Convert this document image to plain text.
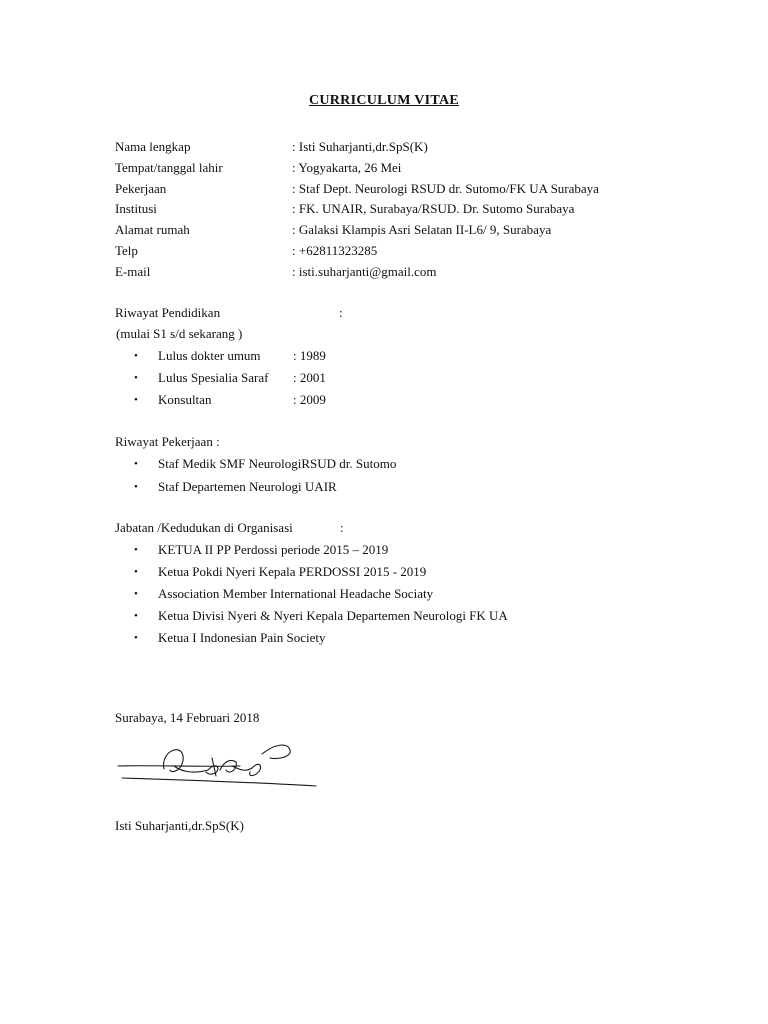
CURRICULUM VITAE
Nama lengkap	: Isti Suharjanti,dr.SpS(K)
Tempat/tanggal lahir	: Yogyakarta, 26 Mei
Pekerjaan	: Staf Dept. Neurologi RSUD dr. Sutomo/FK UA Surabaya
Institusi	: FK. UNAIR, Surabaya/RSUD. Dr. Sutomo Surabaya
Alamat rumah	: Galaksi Klampis Asri Selatan II-L6/ 9, Surabaya
Telp	: +62811323285
E-mail	: isti.suharjanti@gmail.com
Riwayat Pendidikan	:
(mulai S1 s/d sekarang )
• Lulus dokter umum : 1989
• Lulus Spesialia Saraf : 2001
• Konsultan	: 2009
Riwayat Pekerjaan :
• Staf Medik SMF NeurologiRSUD dr. Sutomo
• Staf Departemen Neurologi UAIR
Jabatan /Kedudukan di Organisasi	:
• KETUA II PP Perdossi periode 2015 – 2019
• Ketua Pokdi Nyeri Kepala PERDOSSI 2015 - 2019
• Association Member International Headache Sociaty
• Ketua Divisi Nyeri & Nyeri Kepala Departemen Neurologi FK UA
• Ketua I Indonesian Pain Society
Surabaya, 14 Februari 2018
Isti Suharjanti,dr.SpS(K)
